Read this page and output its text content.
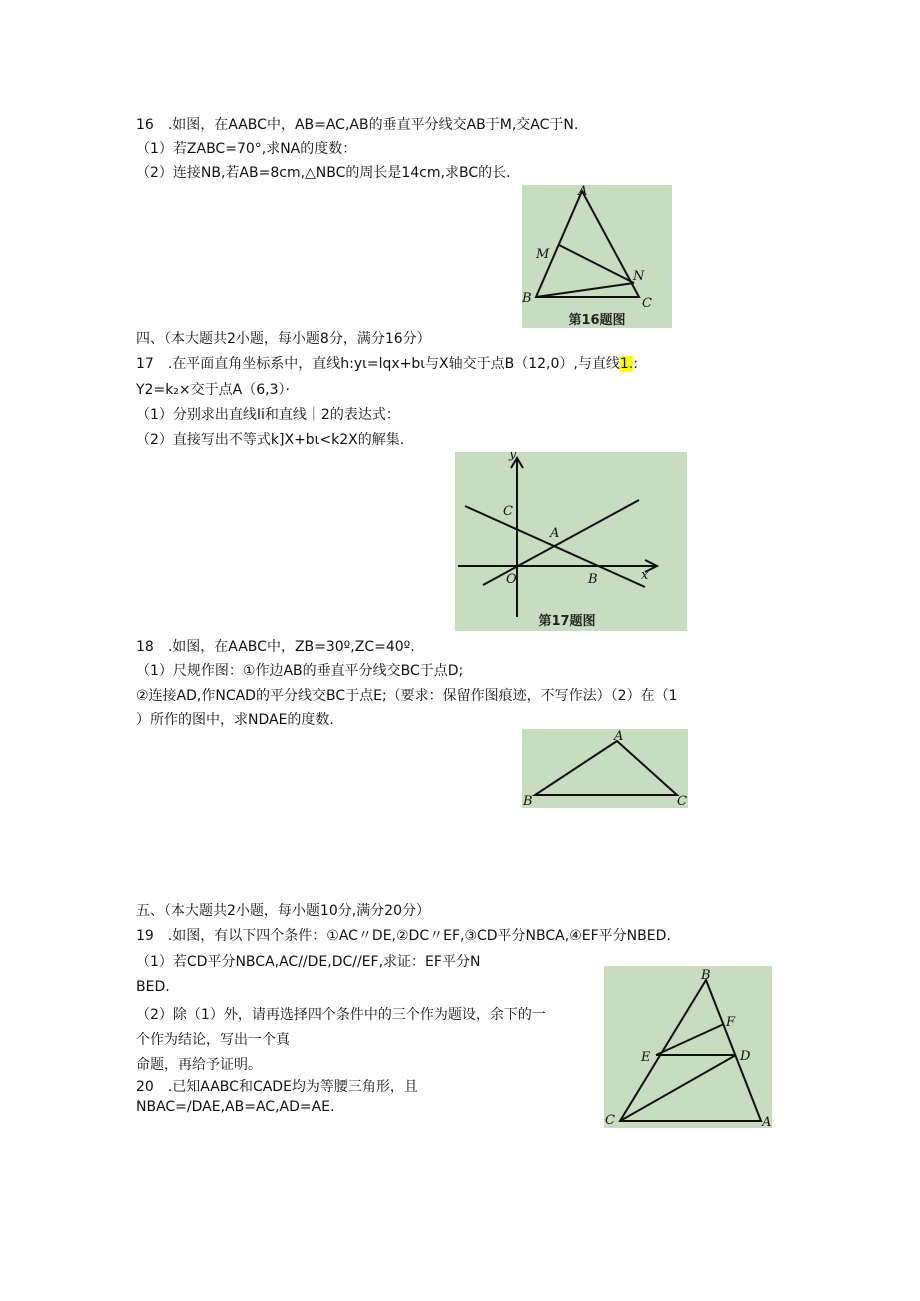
16　.如图，在AABC中，AB=AC,AB的垂直平分线交AB于M,交AC于N.
（1）若ZABC=70°,求NA的度数：
（2）连接NB,若AB=8cm,△NBC的周长是14cm,求BC的长.
A
M
N
B	C
第16题图
四、（本大题共2小题，每小题8分，满分16分）
17　.在平面直角坐标系中，直线h:yι=lqx+bι与X轴交于点B（12,0）,与直线1.:
Y2=k₂×交于点A（6,3）·
（1）分别求出直线Ii和直线｜2的表达式：
（2）直接写出不等式k]X+bι<k2X的解集.
y
C
A
O	B	x
第17题图
18　.如图，在AABC中，ZB=30º,ZC=40º.
（1）尺规作图：①作边AB的垂直平分线交BC于点D;
②连接AD,作NCAD的平分线交BC于点E;（要求：保留作图痕迹，不写作法）（2）在（1
）所作的图中，求NDAE的度数.
A
B	C
五、（本大题共2小题，每小题10分,满分20分）
19　.如图，有以下四个条件：①AC〃DE,②DC〃EF,③CD平分NBCA,④EF平分NBED.
（1）若CD平分NBCA,AC//DE,DC//EF,求证：EF平分N
BED.
（2）除（1）外，请再选择四个条件中的三个作为题设，余下的一
个作为结论，写出一个真
命题，再给予证明。
B
F
E	D
C	A
20　.已知AABC和CADE均为等腰三角形，且
NBAC=∕DAE,AB=AC,AD=AE.
